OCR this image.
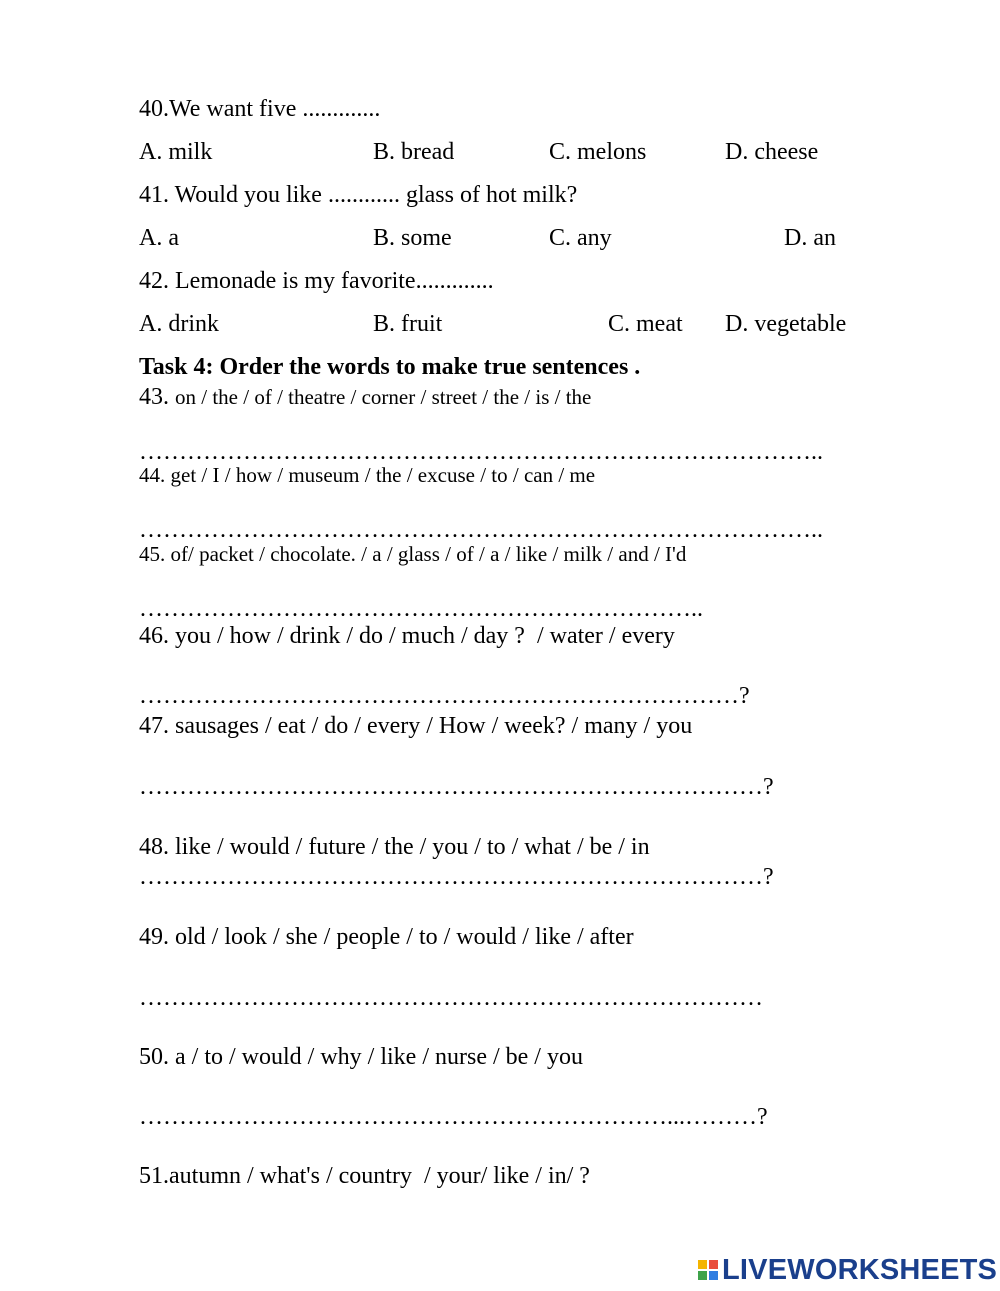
40.We want five .............
A. milk	B. bread	C. melons	D. cheese
41. Would you like ............ glass of hot milk?
A. a	B. some	C. any	D. an
42. Lemonade is my favorite.............
A. drink	B. fruit	C. meat D. vegetable
Task 4: Order the words to make true sentences .
43. on / the / of / theatre / corner / street / the / is / the
…………………………………………………………………………..
44. get / I / how / museum / the / excuse / to / can / me
…………………………………………………………………………..
45. of/ packet / chocolate. / a / glass / of / a / like / milk / and / I'd
……………………………………………………………..
46. you / how / drink / do / much / day ?  / water / every
…………………………………………………………………?
47. sausages / eat / do / every / How / week? / many / you
……………………………………………………………………?
48. like / would / future / the / you / to / what / be / in
……………………………………………………………………?
49. old / look / she / people / to / would / like / after
……………………………………………………………………
50. a / to / would / why / like / nurse / be / you
…………………………………………………………...………?
51.autumn / what's / country  / your/ like / in/ ?
LIVEWORKSHEETS
